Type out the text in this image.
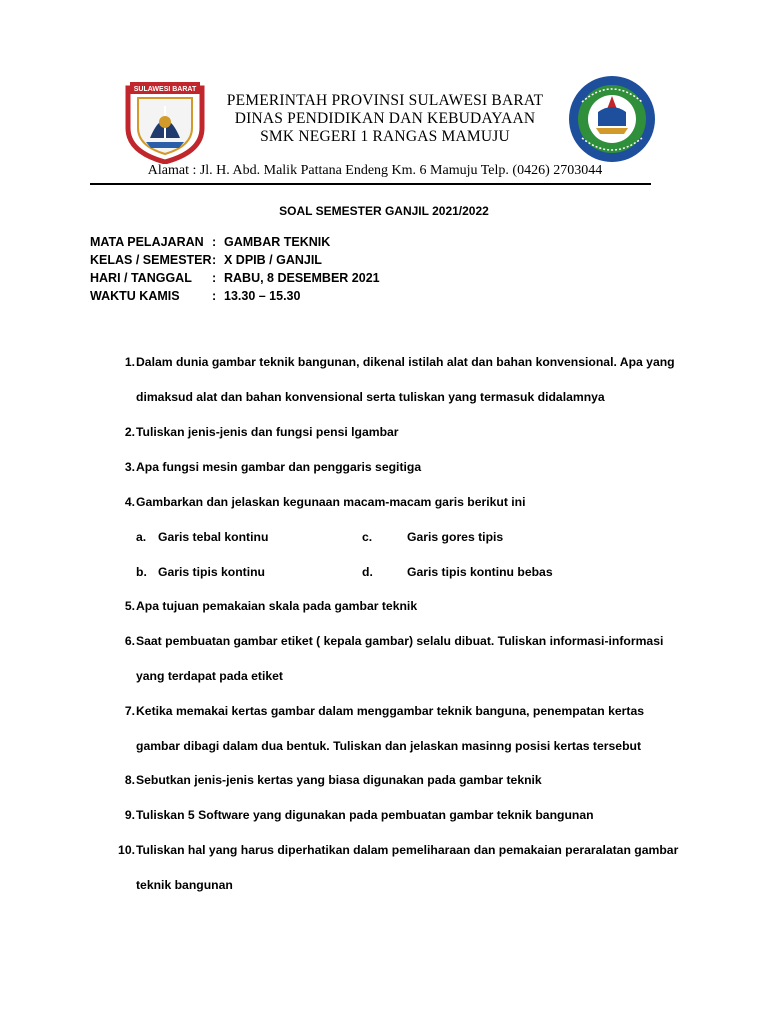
SULAWESI BARAT
PEMERINTAH PROVINSI SULAWESI BARAT
DINAS PENDIDIKAN DAN KEBUDAYAAN
SMK NEGERI 1 RANGAS MAMUJU
Alamat : Jl. H. Abd. Malik Pattana Endeng Km. 6 Mamuju Telp. (0426) 2703044
SOAL SEMESTER GANJIL 2021/2022
MATA PELAJARAN : GAMBAR TEKNIK
KELAS / SEMESTER : X DPIB / GANJIL
HARI / TANGGAL	: RABU, 8 DESEMBER 2021
WAKTU KAMIS	: 13.30 – 15.30
1. Dalam dunia gambar teknik bangunan, dikenal istilah alat dan bahan konvensional. Apa yang
dimaksud alat dan bahan konvensional serta tuliskan yang termasuk didalamnya
2. Tuliskan jenis-jenis dan fungsi pensi lgambar
3. Apa fungsi mesin gambar dan penggaris segitiga
4. Gambarkan dan jelaskan kegunaan macam-macam garis berikut ini
a. Garis tebal kontinu	c.	Garis gores tipis
b. Garis tipis kontinu	d.	Garis tipis kontinu bebas
5. Apa tujuan pemakaian skala pada gambar teknik
6. Saat pembuatan gambar etiket ( kepala gambar) selalu dibuat. Tuliskan informasi-informasi
yang terdapat pada etiket
7. Ketika memakai kertas gambar dalam menggambar teknik banguna, penempatan kertas
gambar dibagi dalam dua bentuk. Tuliskan dan jelaskan masinng posisi kertas tersebut
8. Sebutkan jenis-jenis kertas yang biasa digunakan pada gambar teknik
9. Tuliskan 5 Software yang digunakan pada pembuatan gambar teknik bangunan
10. Tuliskan hal yang harus diperhatikan dalam pemeliharaan dan pemakaian peraralatan gambar
teknik bangunan
